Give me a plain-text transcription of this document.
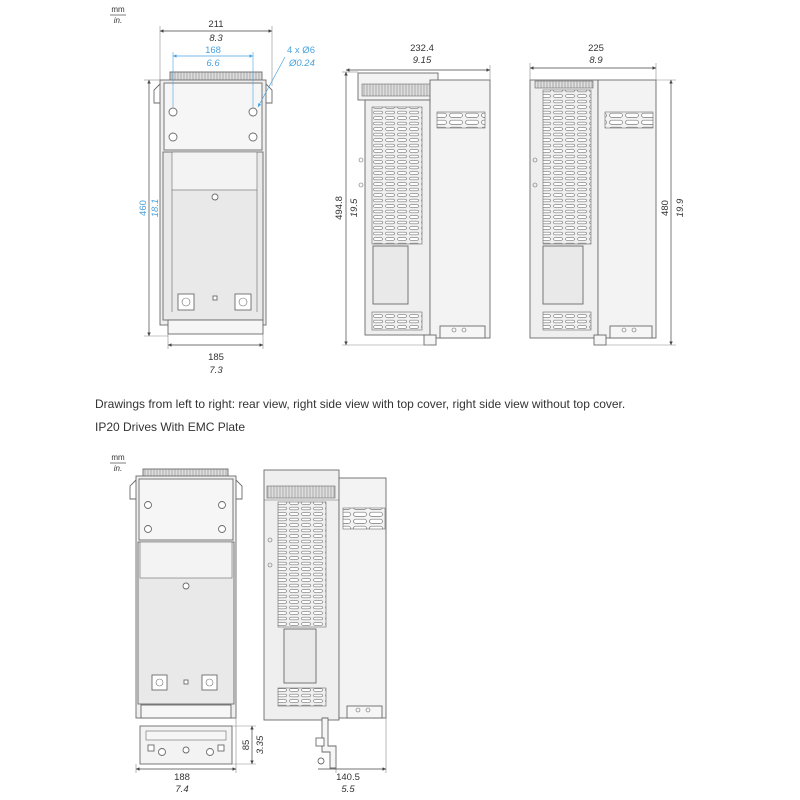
mm
in.	211
8.3
168
6.6
4 x Ø6
Ø0.24
460 18.1
185
7.3
232.4
9.15
494.8 19.5
225
8.9
480 19.9
mm
in.
188
7.4
85 3.35
140.5
5.5
Drawings from left to right: rear view, right side view with top cover, right side view without top cover.
IP20 Drives With EMC Plate
